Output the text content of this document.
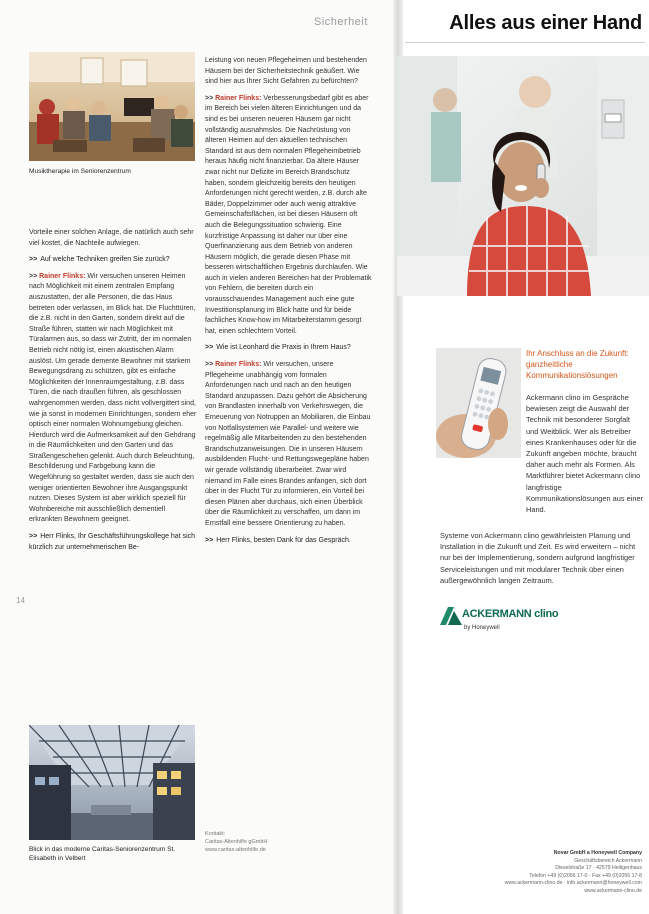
Sicherheit	Alles aus einer Hand
Musiktherapie im Seniorenzentrum

Vorteile einer solchen Anlage, die natürlich auch sehr viel kostet, die Nachteile aufwiegen.

>> Auf welche Techniken greifen Sie zurück?

>> Rainer Flinks: Wir versuchen unseren Heimen nach Möglichkeit mit einem zentralen Empfang auszustatten, der alle Personen, die das Haus betreten oder verlassen, im Blick hat. Die Fluchttüren, die z.B. nicht in den Garten, sondern direkt auf die Straße führen, statten wir nach Möglichkeit mit Türalarmen aus, so dass wir Zutritt, der im normalen Betrieb nicht nötig ist, einen akustischen Alarm auslöst. Um gerade demente Bewohner mit starkem Bewegungsdrang zu schützen, gibt es einfache Möglichkeiten der Innenraumgestaltung, z.B. dass Türen, die nach draußen führen, als geschlossen wahrgenommen werden, dass nicht vollvergittert sind, wie ja sonst in modernen Einrichtungen, sondern eher optisch einer normalen Wohnumgebung gleichen. Hierdurch wird die Aufmerksamkeit auf den Gehdrang in die Räumlichkeiten und den Garten und das Straßengeschehen gelenkt. Auch durch Beleuchtung, Beschilderung und Farbgebung kann die Wegeführung so gestaltet werden, dass sie auch den weniger orientierten Bewohner ihre Ausgangspunkt nutzen. Dieses System ist aber wirklich speziell für Wohnbereiche mit ausschließlich dementiell erkrankten Bewohnern geeignet.

>> Herr Flinks, Ihr Geschäftsführungskollege hat sich kürzlich zur unternehmerischen Be-

Leistung von neuen Pflegeheimen und bestehenden Häusern bei der Sicherheitstechnik geäußert. Wie sind hier aus Ihrer Sicht Gefahren zu befürchten?

>> Rainer Flinks: Verbesserungsbedarf gibt es aber im Bereich bei vielen älteren Einrichtungen und da sind es bei unseren neueren Häusern gar nicht vollständig ausnahmslos. Die Nachrüstung von älteren Heimen auf den aktuellen technischen Standard ist aus dem normalen Pflegeheimbetrieb heraus häufig nicht finanzierbar. Da ältere Häuser zwar nicht nur Defizite im Bereich Brandschutz haben, sondern gleichzeitig bereits den heutigen Anforderungen nicht gerecht werden, z.B. durch alte Bäder, Doppelzimmer oder auch wenig attraktive Gemeinschaftsflächen, ist bei diesen Häusern oft auch die Belegungssituation schwierig. Eine kurzfristige Anpassung ist daher nur über eine Querfinanzierung aus dem Betrieb von anderen Häusern möglich, die gerade diesen Phase mit besseren wirtschaftlichen Ergebnis durchlaufen. Wie auch in vielen anderen Bereichen hat der Problematik von Fehlern, die bereiten durch ein vorausschauendes Management auch eine gute Investitionsplanung im Blick hatte und für beide fachliches Know-how im Mitarbeiterstamm gesorgt hat, einen schlechtern Vorteil.

>> Wie ist Leonhard die Praxis in Ihrem Haus?

>> Rainer Flinks: Wir versuchen, unsere Pflegeheime unabhängig vom formalen Anforderungen nach und nach an den heutigen Standard anzupassen. Dazu gehört die Absicherung von Brandlasten innerhalb von Verkehrswegen, die Erneuerung von Notruppen an Mobiliaren, die Einbau von Notfallsystemen wie Parallel- und weitere wie regelmäßig alle Mitarbeitenden zu den bestehenden Brandschutzanweisungen. Die in unseren Häusern ausbildenden Flucht- und Rettungswegepläne haben wir gerade vollständig überarbeitet. Zwar wird niemand im Falle eines Brandes anfangen, sich dort über in der Flucht Tür zu informieren, ein Vorteil bei diesen Plänen aber durchaus, sich einen Überblick über die Räumlichkeit zu verschaffen, um dann im Ernstfall eine bessere Orientierung zu haben.

>> Herr Flinks, besten Dank für das Gespräch.

Blick in das moderne Caritas-Seniorenzentrum St. Elisabeth in Velbert
Kontakt:
Caritas-Altenhilfe gGmbH
www.caritas-altenhilfe.de
14
Ihr Anschluss an die Zukunft: ganzheitliche Kommunikationslösungen

Ackermann clino im Gespräche bewiesen zeigt die Auswahl der Technik mit besonderer Sorgfalt und Weitblick. Wer als Betreiber eines Krankenhauses oder für die Zukunft angeben möchte, braucht daher auch mehr als Formen. Als Marktführer bietet Ackermann clino langfristige Kommunikationslösungen aus einer Hand.

Systeme von Ackermann clino gewährleisten Planung und Installation in die Zukunft und Zeit. Es wird erweitern – nicht nur bei der Implementierung, sondern aufgrund langfristiger Serviceleistungen und mit modularer Technik über einen außergewöhnlich langen Zeitraum.

ACKERMANN clino
by Honeywell
Novar GmbH a Honeywell Company
Geschäftsbereich Ackermann
Dieselstraße 17 · 42579 Heiligenhaus
Telefon +49 (0)2056 17-0 · Fax +49 (0)2056 17-8
www.ackermann-clino.de · info.ackermann@honeywell.com
www.ackermann-clino.de
